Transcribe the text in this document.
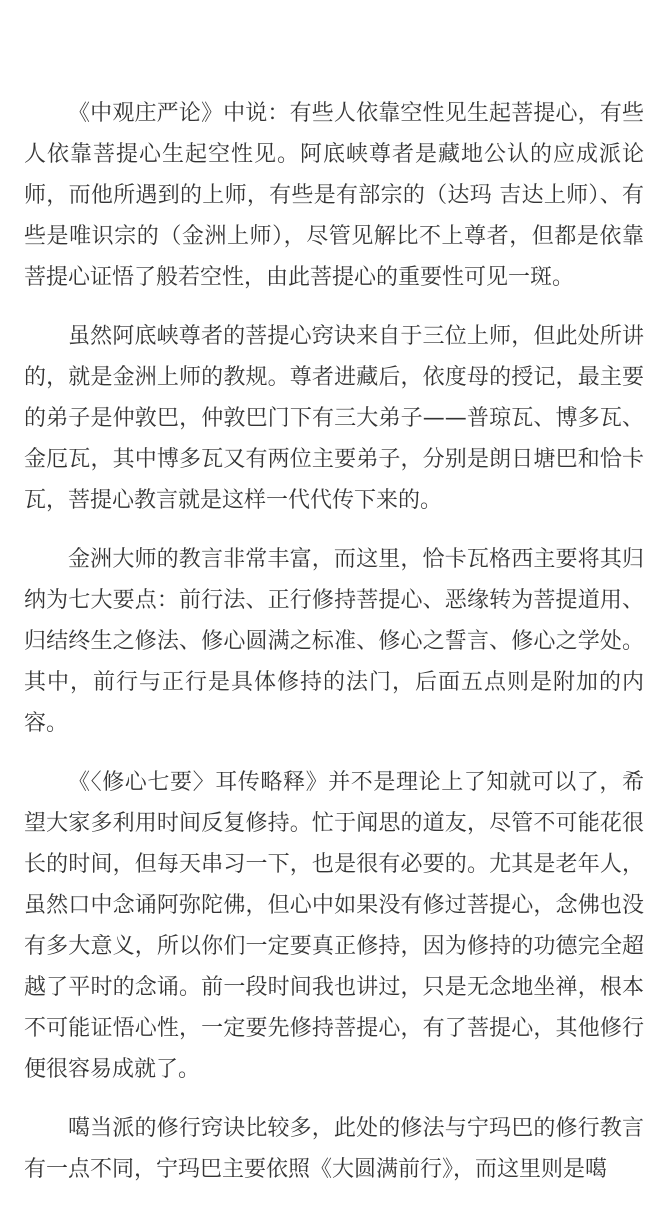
《中观庄严论》中说：有些人依靠空性见生起菩提心，有些人依靠菩提心生起空性见。阿底峡尊者是藏地公认的应成派论师，而他所遇到的上师，有些是有部宗的（达玛 吉达上师）、有些是唯识宗的（金洲上师），尽管见解比不上尊者，但都是依靠菩提心证悟了般若空性，由此菩提心的重要性可见一斑。

虽然阿底峡尊者的菩提心窍诀来自于三位上师，但此处所讲的，就是金洲上师的教规。尊者进藏后，依度母的授记，最主要的弟子是仲敦巴，仲敦巴门下有三大弟子——普琼瓦、博多瓦、金厄瓦，其中博多瓦又有两位主要弟子，分别是朗日塘巴和恰卡瓦，菩提心教言就是这样一代代传下来的。

金洲大师的教言非常丰富，而这里，恰卡瓦格西主要将其归纳为七大要点：前行法、正行修持菩提心、恶缘转为菩提道用、归结终生之修法、修心圆满之标准、修心之誓言、修心之学处。其中，前行与正行是具体修持的法门，后面五点则是附加的内容。

《〈修心七要〉耳传略释》并不是理论上了知就可以了，希望大家多利用时间反复修持。忙于闻思的道友，尽管不可能花很长的时间，但每天串习一下，也是很有必要的。尤其是老年人，虽然口中念诵阿弥陀佛，但心中如果没有修过菩提心，念佛也没有多大意义，所以你们一定要真正修持，因为修持的功德完全超越了平时的念诵。前一段时间我也讲过，只是无念地坐禅，根本不可能证悟心性，一定要先修持菩提心，有了菩提心，其他修行便很容易成就了。

噶当派的修行窍诀比较多，此处的修法与宁玛巴的修行教言有一点不同，宁玛巴主要依照《大圆满前行》，而这里则是噶
